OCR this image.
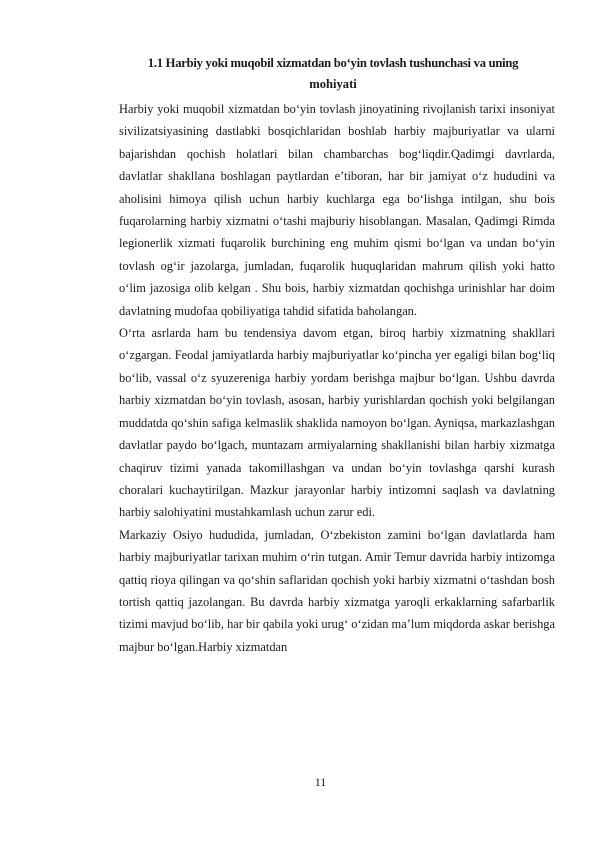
1.1 Harbiy yoki muqobil xizmatdan bo‘yin tovlash tushunchasi va uning
mohiyati

Harbiy yoki muqobil xizmatdan bo‘yin tovlash jinoyatining rivojlanish tarixi insoniyat sivilizatsiyasining dastlabki bosqichlaridan boshlab harbiy majburiyatlar va ularni bajarishdan qochish holatlari bilan chambarchas bog‘liqdir.Qadimgi davrlarda, davlatlar shakllana boshlagan paytlardan e’tiboran, har bir jamiyat o‘z hududini va aholisini himoya qilish uchun harbiy kuchlarga ega bo‘lishga intilgan, shu bois fuqarolarning harbiy xizmatni o‘tashi majburiy hisoblangan. Masalan, Qadimgi Rimda legionerlik xizmati fuqarolik burchining eng muhim qismi bo‘lgan va undan bo‘yin tovlash og‘ir jazolarga, jumladan, fuqarolik huquqlaridan mahrum qilish yoki hatto o‘lim jazosiga olib kelgan . Shu bois, harbiy xizmatdan qochishga urinishlar har doim davlatning mudofaa qobiliyatiga tahdid sifatida baholangan.

O‘rta asrlarda ham bu tendensiya davom etgan, biroq harbiy xizmatning shakllari o‘zgargan. Feodal jamiyatlarda harbiy majburiyatlar ko‘pincha yer egaligi bilan bog‘liq bo‘lib, vassal o‘z syuzereniga harbiy yordam berishga majbur bo‘lgan. Ushbu davrda harbiy xizmatdan bo‘yin tovlash, asosan, harbiy yurishlardan qochish yoki belgilangan muddatda qo‘shin safiga kelmaslik shaklida namoyon bo‘lgan. Ayniqsa, markazlashgan davlatlar paydo bo‘lgach, muntazam armiyalarning shakllanishi bilan harbiy xizmatga chaqiruv tizimi yanada takomillashgan va undan bo‘yin tovlashga qarshi kurash choralari kuchaytirilgan. Mazkur jarayonlar harbiy intizomni saqlash va davlatning harbiy salohiyatini mustahkamlash uchun zarur edi.

Markaziy Osiyo hududida, jumladan, O‘zbekiston zamini bo‘lgan davlatlarda ham harbiy majburiyatlar tarixan muhim o‘rin tutgan. Amir Temur davrida harbiy intizomga qattiq rioya qilingan va qo‘shin saflaridan qochish yoki harbiy xizmatni o‘tashdan bosh tortish qattiq jazolangan. Bu davrda harbiy xizmatga yaroqli erkaklarning safarbarlik tizimi mavjud bo‘lib, har bir qabila yoki urug‘ o‘zidan ma’lum miqdorda askar berishga majbur bo‘lgan.Harbiy xizmatdan

11
